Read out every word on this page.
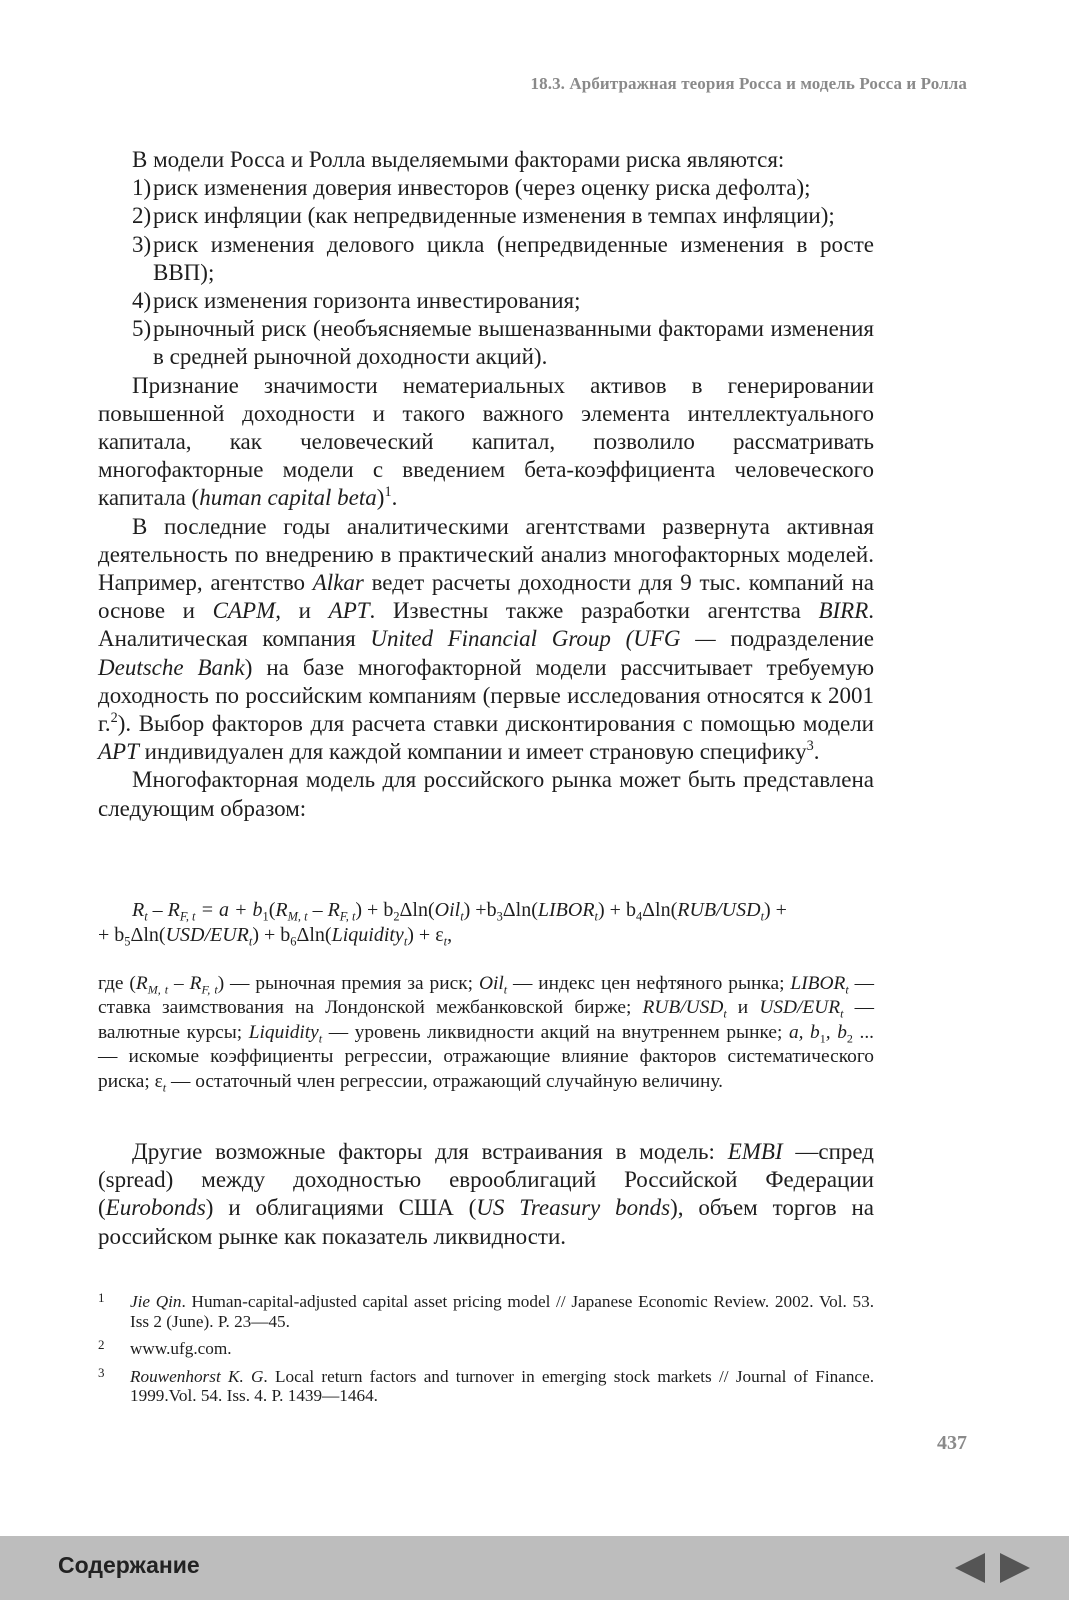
18.3. Арбитражная теория Росса и модель Росса и Ролла

В модели Росса и Ролла выделяемыми факторами риска являются:

1) риск изменения доверия инвесторов (через оценку риска дефолта);
2) риск инфляции (как непредвиденные изменения в темпах инфляции);
3) риск изменения делового цикла (непредвиденные изменения в росте ВВП);
4) риск изменения горизонта инвестирования;
5) рыночный риск (необъясняемые вышеназванными факторами изменения в средней рыночной доходности акций).

Признание значимости нематериальных активов в генерировании повышенной доходности и такого важного элемента интеллектуального капитала, как человеческий капитал, позволило рассматривать многофакторные модели с введением бета-коэффициента человеческого капитала (human capital beta)$^1$.

В последние годы аналитическими агентствами развернута активная деятельность по внедрению в практический анализ многофакторных моделей. Например, агентство Alkar ведет расчеты доходности для 9 тыс. компаний на основе и CAPM, и APT. Известны также разработки агентства BIRR. Аналитическая компания United Financial Group (UFG — подразделение Deutsche Bank) на базе многофакторной модели рассчитывает требуемую доходность по российским компаниям (первые исследования относятся к 2001 г.$^2$). Выбор факторов для расчета ставки дисконтирования с помощью модели APT индивидуален для каждой компании и имеет страновую специфику$^3$.

Многофакторная модель для российского рынка может быть представлена следующим образом:

$R_t - R_{F, t} = a + b_1(R_{M, t} - R_{F, t}) + b_2\Delta\ln(Oil_t)$ $+b_3\Delta\ln(LIBOR_t) + b_4\Delta\ln(RUB/USD_t)$ +
+ $b_5\Delta\ln(USD/EUR_t)$ + $b_6\Delta\ln(Liquidity_t) + \varepsilon_t$,

где $(R_{M, t} - R_{F, t})$ — рыночная премия за риск; Oil$_t$ — индекс цен нефтяного рынка; $LIBOR_t$ — ставка заимствования на Лондонской межбанковской бирже; RUB/$USD_t$ и USD/$EUR_t$ — валютные курсы; Liquidity$_t$ — уровень ликвидности акций на внутреннем рынке; a, $b_1$, $b_2$ ... — искомые коэффициенты регрессии, отражающие влияние факторов систематического риска; $\varepsilon_t$ — остаточный член регрессии, отражающий случайную величину.

Другие возможные факторы для встраивания в модель: EMBI —спред (spread) между доходностью еврооблигаций Российской Федерации (Eurobonds) и облигациями США (US Treasury bonds), объем торгов на российском рынке как показатель ликвидности.

1 Jie Qin. Human-capital-adjusted capital asset pricing model // Japanese Economic Review. 2002. Vol. 53. Iss 2 (June). P. 23—45.
2 www.ufg.com.
3 Rouwenhorst K. G. Local return factors and turnover in emerging stock markets // Journal of Finance. 1999.Vol. 54. Iss. 4. P. 1439—1464.
437
Содержание
